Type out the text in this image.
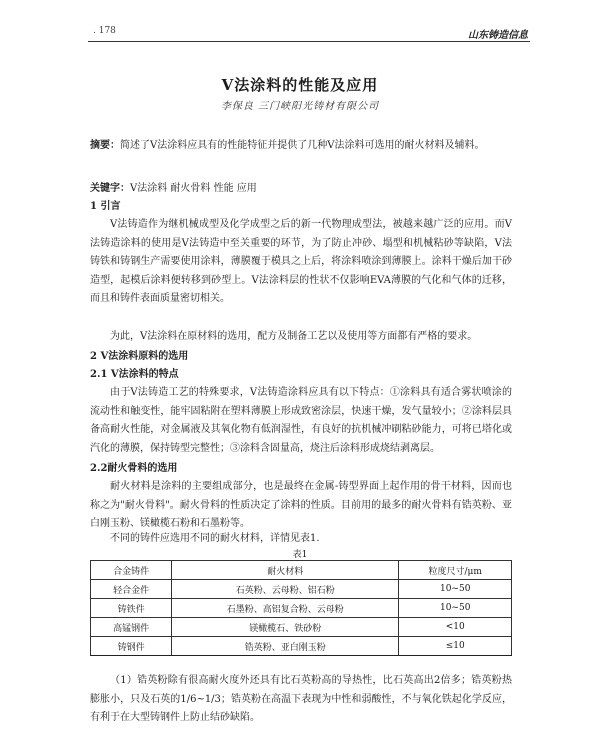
. 178	山东铸造信息
V法涂料的性能及应用
李保良 三门峡阳光铸材有限公司
摘要：简述了V法涂料应具有的性能特征并提供了几种V法涂料可选用的耐火材料及辅料。
关键字：V法涂料 耐火骨料 性能 应用
1 引言
V法铸造作为继机械成型及化学成型之后的新一代物理成型法，被越来越广泛的应用。而V法铸造涂料的使用是V法铸造中至关重要的环节，为了防止冲砂、塌型和机械粘砂等缺陷，V法铸铁和铸钢生产需要使用涂料，薄膜覆于模具之上后，将涂料喷涂到薄膜上。涂料干燥后加干砂造型，起模后涂料便转移到砂型上。V法涂料层的性状不仅影响EVA薄膜的气化和气体的迁移，而且和铸件表面质量密切相关。
为此，V法涂料在原材料的选用，配方及制备工艺以及使用等方面都有严格的要求。
2 V法涂料原料的选用
2.1 V法涂料的特点
由于V法铸造工艺的特殊要求，V法铸造涂料应具有以下特点：①涂料具有适合雾状喷涂的流动性和触变性，能牢固粘附在塑料薄膜上形成致密涂层，快速干燥，发气量较小；②涂料层具备高耐火性能，对金属液及其氧化物有低润湿性，有良好的抗机械冲刷粘砂能力，可将已塔化或汽化的薄膜，保持铸型完整性；③涂料含固量高，烧注后涂料形成烧结剥离层。
2.2耐火骨料的选用
耐火材料是涂料的主要组成部分，也是最终在金属-铸型界面上起作用的骨干材料，因而也称之为"耐火骨料"。耐火骨料的性质决定了涂料的性质。目前用的最多的耐火骨料有锆英粉、亚白刚玉粉、镁橄榄石粉和石墨粉等。
不同的铸件应选用不同的耐火材料，详情见表1.
表1
合金铸件	耐火材料	粒度尺寸/μm
轻合金件	石英粉、云母粉、铝石粉	10~50
铸铁件	石墨粉、高铝复合粉、云母粉	10~50
高锰钢件	镁橄榄石、铁砂粉	<10
铸钢件	锆英粉、亚白刚玉粉	≤10
（1）锆英粉除有很高耐火度外还具有比石英粉高的导热性，比石英高出2倍多；锆英粉热膨胀小，只及石英的1/6~1/3；锆英粉在高温下表现为中性和弱酸性，不与氧化铁起化学反应，有利于在大型铸钢件上防止结砂缺陷。
